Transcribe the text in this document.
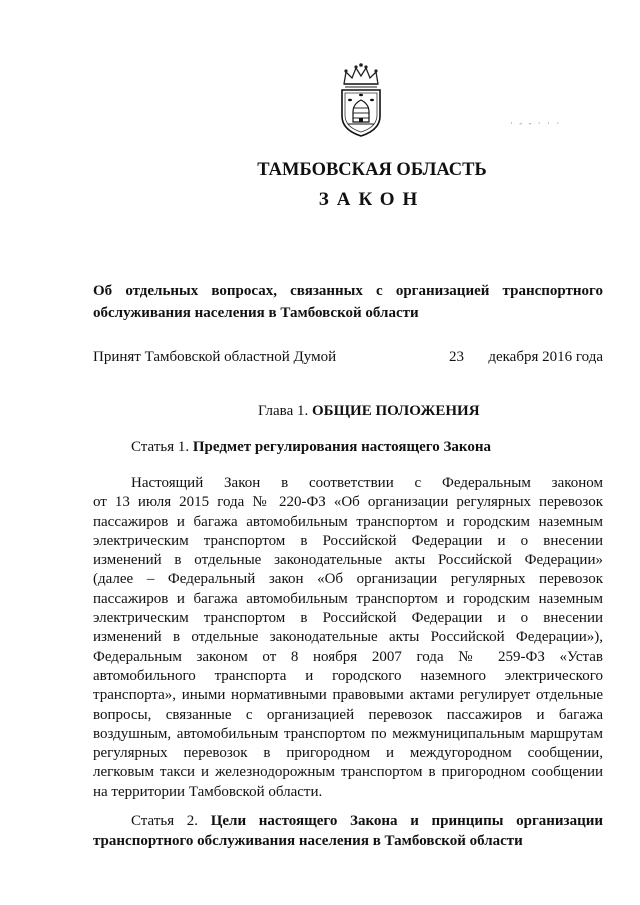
· - - · · ·
ТАМБОВСКАЯ ОБЛАСТЬ
ЗАКОН
Об отдельных вопросах, связанных с организацией транспортного
обслуживания населения в Тамбовской области
Принят Тамбовской областной Думой	23 декабря 2016 года
Глава 1. ОБЩИЕ ПОЛОЖЕНИЯ
Статья 1. Предмет регулирования настоящего Закона
Настоящий Закон в соответствии с Федеральным законом
от 13 июля 2015 года № 220-ФЗ «Об организации регулярных перевозок
пассажиров и багажа автомобильным транспортом и городским наземным
электрическим транспортом в Российской Федерации и о внесении
изменений в отдельные законодательные акты Российской Федерации»
(далее – Федеральный закон «Об организации регулярных перевозок
пассажиров и багажа автомобильным транспортом и городским наземным
электрическим транспортом в Российской Федерации и о внесении
изменений в отдельные законодательные акты Российской Федерации»),
Федеральным законом от 8 ноября 2007 года № 259-ФЗ «Устав
автомобильного транспорта и городского наземного электрического
транспорта», иными нормативными правовыми актами регулирует отдельные
вопросы, связанные с организацией перевозок пассажиров и багажа
воздушным, автомобильным транспортом по межмуниципальным маршрутам
регулярных перевозок в пригородном и междугородном сообщении,
легковым такси и железнодорожным транспортом в пригородном сообщении
на территории Тамбовской области.
Статья 2. Цели настоящего Закона и принципы организации
транспортного обслуживания населения в Тамбовской области
